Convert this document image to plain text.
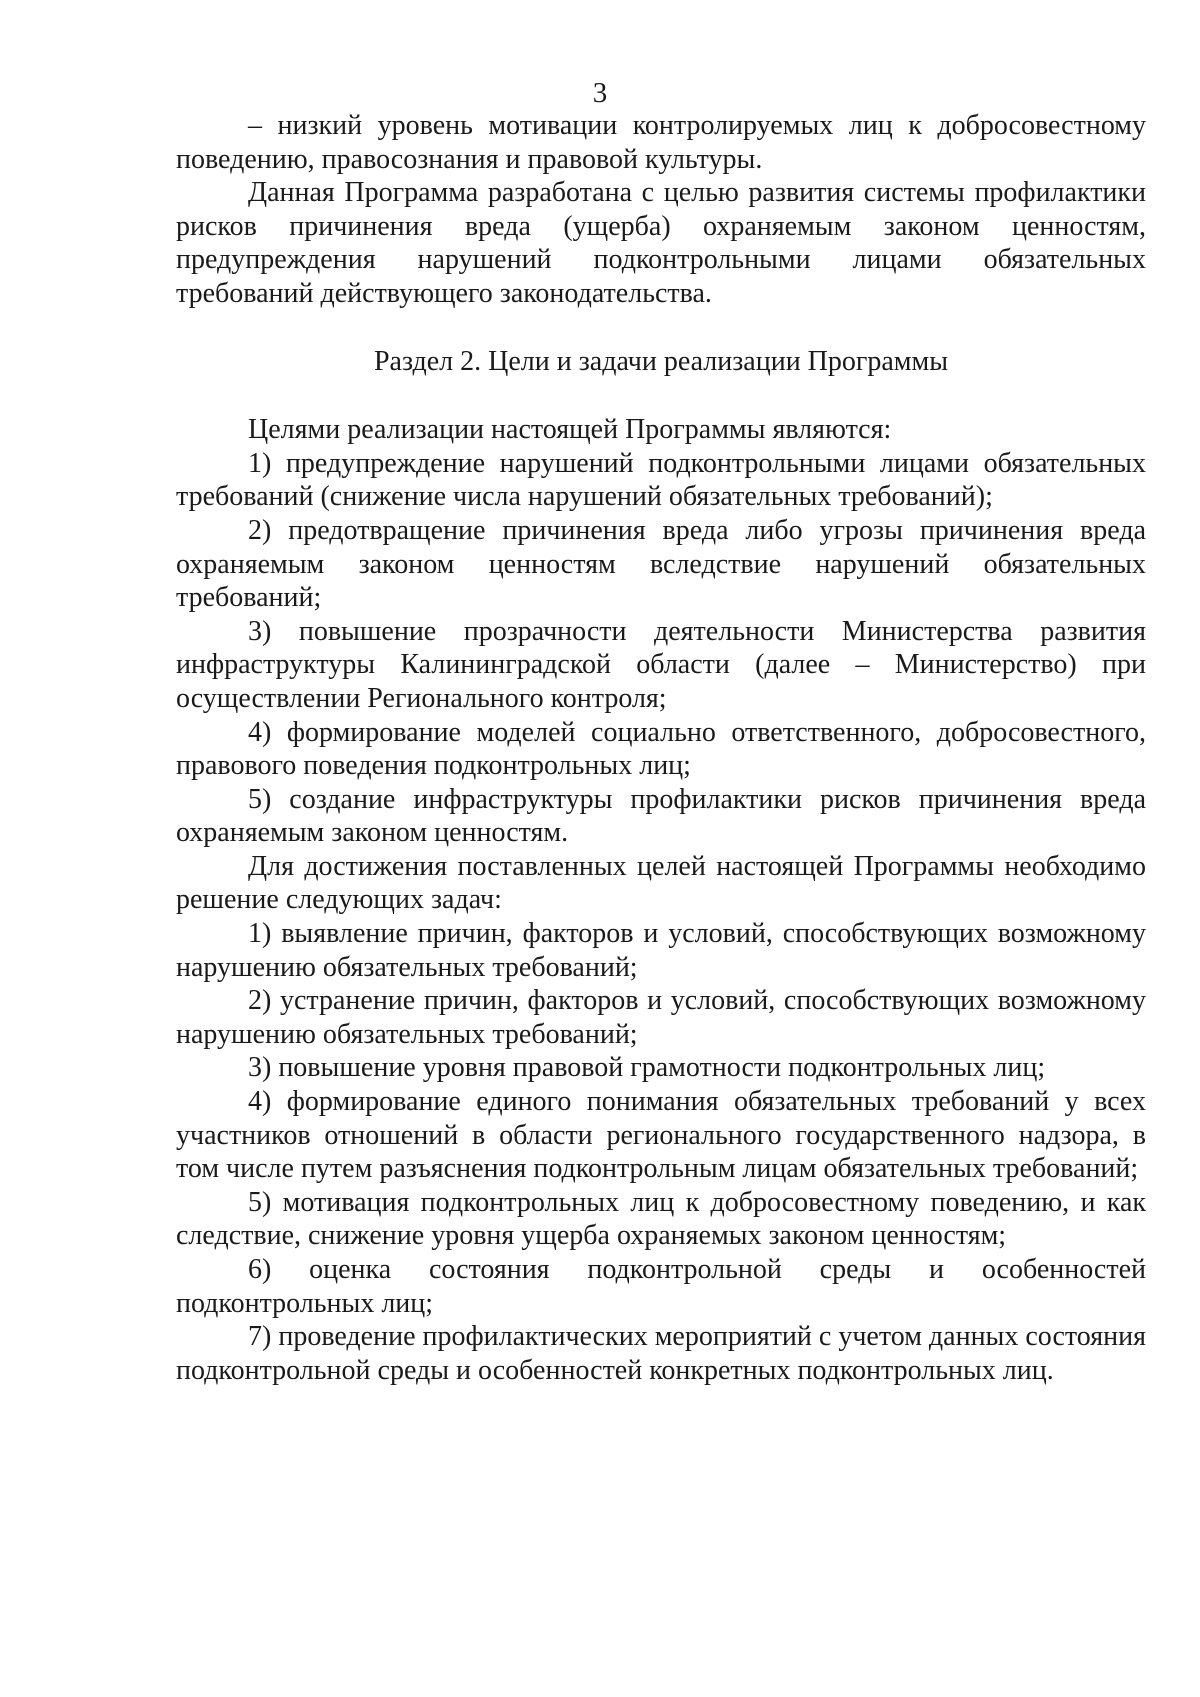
3

– низкий уровень мотивации контролируемых лиц к добросовестному поведению, правосознания и правовой культуры.

Данная Программа разработана с целью развития системы профилактики рисков причинения вреда (ущерба) охраняемым законом ценностям, предупреждения нарушений подконтрольными лицами обязательных требований действующего законодательства.

Раздел 2. Цели и задачи реализации Программы

Целями реализации настоящей Программы являются:

1) предупреждение нарушений подконтрольными лицами обязательных требований (снижение числа нарушений обязательных требований);

2) предотвращение причинения вреда либо угрозы причинения вреда охраняемым законом ценностям вследствие нарушений обязательных требований;

3) повышение прозрачности деятельности Министерства развития инфраструктуры Калининградской области (далее – Министерство) при осуществлении Регионального контроля;

4) формирование моделей социально ответственного, добросовестного, правового поведения подконтрольных лиц;

5) создание инфраструктуры профилактики рисков причинения вреда охраняемым законом ценностям.

Для достижения поставленных целей настоящей Программы необходимо решение следующих задач:

1) выявление причин, факторов и условий, способствующих возможному нарушению обязательных требований;

2) устранение причин, факторов и условий, способствующих возможному нарушению обязательных требований;

3) повышение уровня правовой грамотности подконтрольных лиц;

4) формирование единого понимания обязательных требований у всех участников отношений в области регионального государственного надзора, в том числе путем разъяснения подконтрольным лицам обязательных требований;

5) мотивация подконтрольных лиц к добросовестному поведению, и как следствие, снижение уровня ущерба охраняемых законом ценностям;

6) оценка состояния подконтрольной среды и особенностей подконтрольных лиц;

7) проведение профилактических мероприятий с учетом данных состояния подконтрольной среды и особенностей конкретных подконтрольных лиц.
